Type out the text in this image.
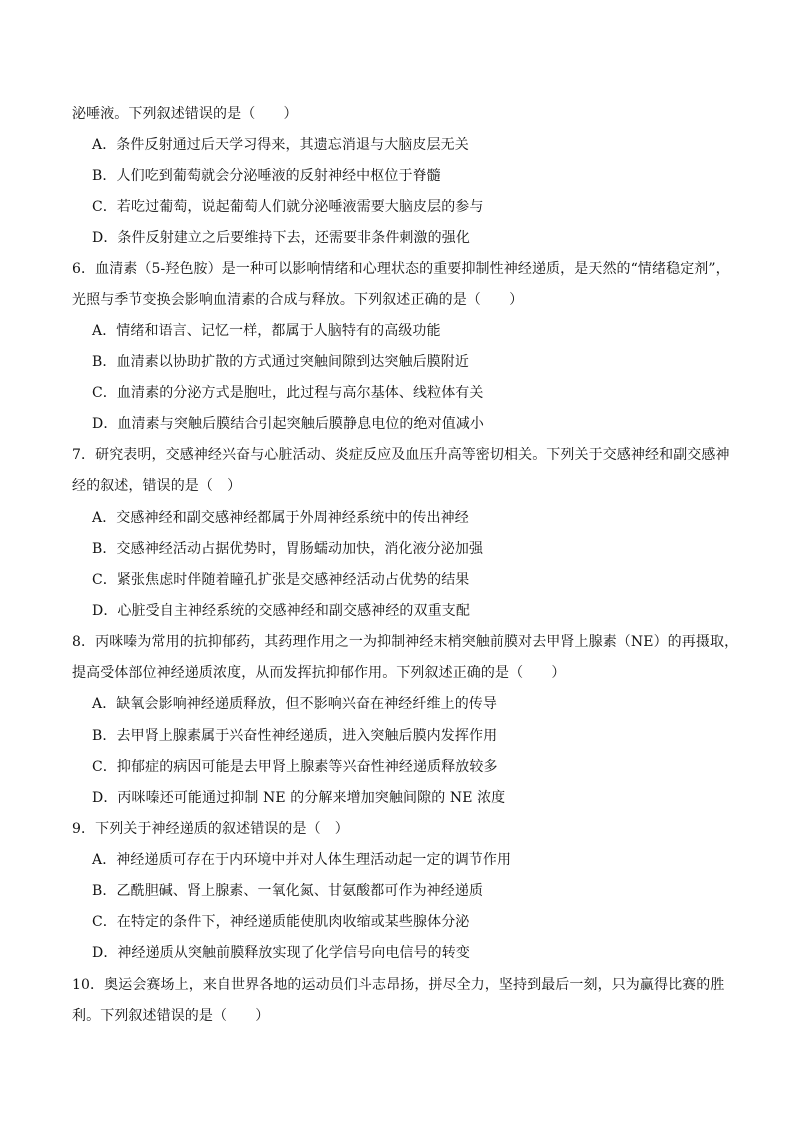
泌唾液。下列叙述错误的是（　　）
A．条件反射通过后天学习得来，其遗忘消退与大脑皮层无关
B．人们吃到葡萄就会分泌唾液的反射神经中枢位于脊髓
C．若吃过葡萄，说起葡萄人们就分泌唾液需要大脑皮层的参与
D．条件反射建立之后要维持下去，还需要非条件刺激的强化
6．血清素（5-羟色胺）是一种可以影响情绪和心理状态的重要抑制性神经递质，是天然的“情绪稳定剂”，
光照与季节变换会影响血清素的合成与释放。下列叙述正确的是（　　）
A．情绪和语言、记忆一样，都属于人脑特有的高级功能
B．血清素以协助扩散的方式通过突触间隙到达突触后膜附近
C．血清素的分泌方式是胞吐，此过程与高尔基体、线粒体有关
D．血清素与突触后膜结合引起突触后膜静息电位的绝对值减小
7．研究表明，交感神经兴奋与心脏活动、炎症反应及血压升高等密切相关。下列关于交感神经和副交感神
经的叙述，错误的是（　）
A．交感神经和副交感神经都属于外周神经系统中的传出神经
B．交感神经活动占据优势时，胃肠蠕动加快，消化液分泌加强
C．紧张焦虑时伴随着瞳孔扩张是交感神经活动占优势的结果
D．心脏受自主神经系统的交感神经和副交感神经的双重支配
8．丙咪嗪为常用的抗抑郁药，其药理作用之一为抑制神经末梢突触前膜对去甲肾上腺素（NE）的再摄取，
提高受体部位神经递质浓度，从而发挥抗抑郁作用。下列叙述正确的是（　　）
A．缺氧会影响神经递质释放，但不影响兴奋在神经纤维上的传导
B．去甲肾上腺素属于兴奋性神经递质，进入突触后膜内发挥作用
C．抑郁症的病因可能是去甲肾上腺素等兴奋性神经递质释放较多
D．丙咪嗪还可能通过抑制 NE 的分解来增加突触间隙的 NE 浓度
9．下列关于神经递质的叙述错误的是（　）
A．神经递质可存在于内环境中并对人体生理活动起一定的调节作用
B．乙酰胆碱、肾上腺素、一氧化氮、甘氨酸都可作为神经递质
C．在特定的条件下，神经递质能使肌肉收缩或某些腺体分泌
D．神经递质从突触前膜释放实现了化学信号向电信号的转变
10．奥运会赛场上，来自世界各地的运动员们斗志昂扬，拼尽全力，坚持到最后一刻，只为赢得比赛的胜
利。下列叙述错误的是（　　）
